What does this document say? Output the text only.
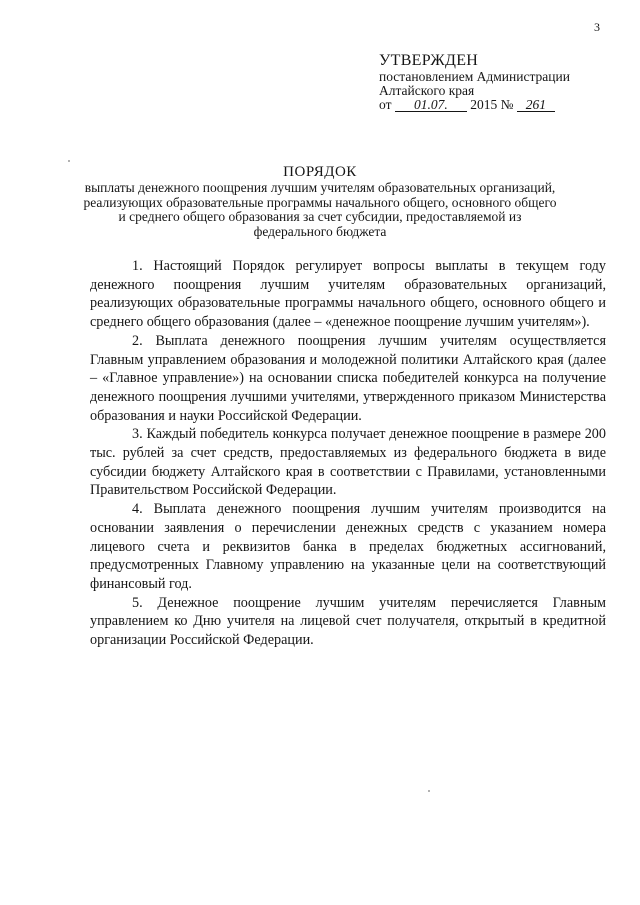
3
УТВЕРЖДЕН
постановлением Администрации
Алтайского края
от 01.07. 2015 № 261
ПОРЯДОК
выплаты денежного поощрения лучшим учителям образовательных организаций, реализующих образовательные программы начального общего, основного общего и среднего общего образования за счет субсидии, предоставляемой из федерального бюджета

1. Настоящий Порядок регулирует вопросы выплаты в текущем году денежного поощрения лучшим учителям образовательных организаций, реализующих образовательные программы начального общего, основного общего и среднего общего образования (далее – «денежное поощрение лучшим учителям»).

2. Выплата денежного поощрения лучшим учителям осуществляется Главным управлением образования и молодежной политики Алтайского края (далее – «Главное управление») на основании списка победителей конкурса на получение денежного поощрения лучшими учителями, утвержденного приказом Министерства образования и науки Российской Федерации.

3. Каждый победитель конкурса получает денежное поощрение в размере 200 тыс. рублей за счет средств, предоставляемых из федерального бюджета в виде субсидии бюджету Алтайского края в соответствии с Правилами, установленными Правительством Российской Федерации.

4. Выплата денежного поощрения лучшим учителям производится на основании заявления о перечислении денежных средств с указанием номера лицевого счета и реквизитов банка в пределах бюджетных ассигнований, предусмотренных Главному управлению на указанные цели на соответствующий финансовый год.

5. Денежное поощрение лучшим учителям перечисляется Главным управлением ко Дню учителя на лицевой счет получателя, открытый в кредитной организации Российской Федерации.
